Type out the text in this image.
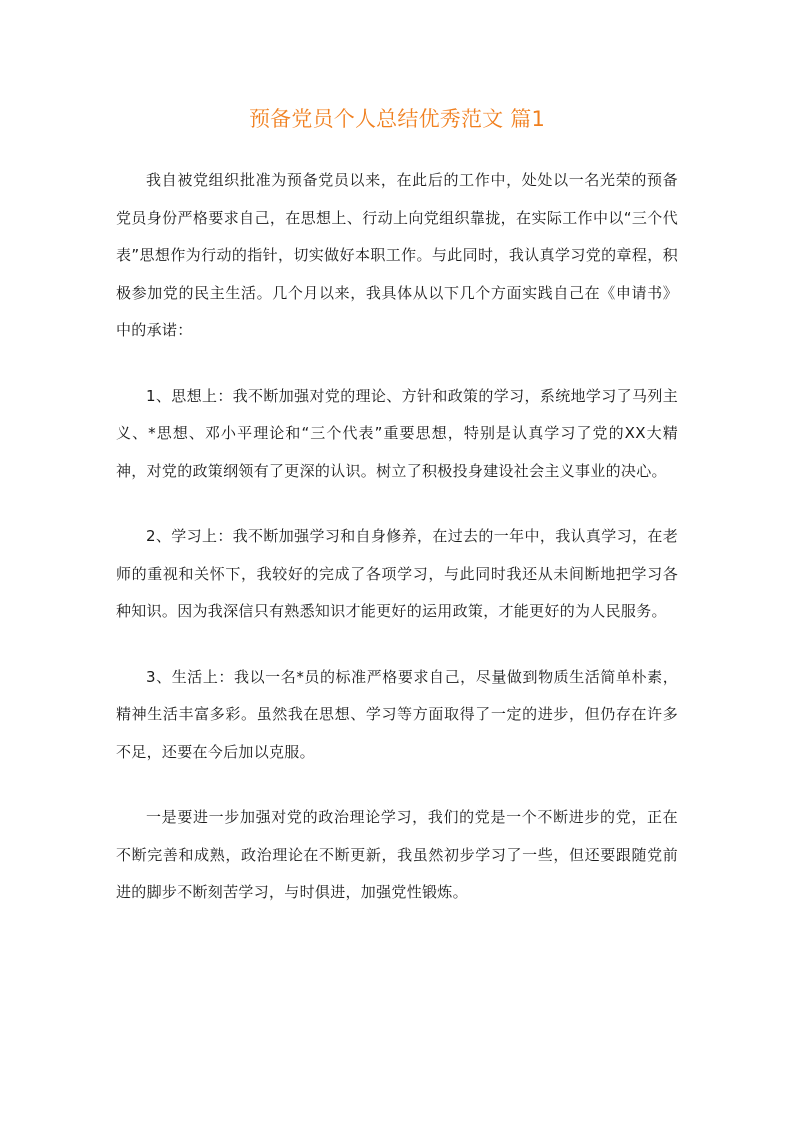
预备党员个人总结优秀范文 篇1

我自被党组织批准为预备党员以来，在此后的工作中，处处以一名光荣的预备党员身份严格要求自己，在思想上、行动上向党组织靠拢，在实际工作中以“三个代表”思想作为行动的指针，切实做好本职工作。与此同时，我认真学习党的章程，积极参加党的民主生活。几个月以来，我具体从以下几个方面实践自己在《申请书》中的承诺：

1、思想上：我不断加强对党的理论、方针和政策的学习，系统地学习了马列主义、*思想、邓小平理论和“三个代表”重要思想，特别是认真学习了党的XX大精神，对党的政策纲领有了更深的认识。树立了积极投身建设社会主义事业的决心。

2、学习上：我不断加强学习和自身修养，在过去的一年中，我认真学习，在老师的重视和关怀下，我较好的完成了各项学习，与此同时我还从未间断地把学习各种知识。因为我深信只有熟悉知识才能更好的运用政策，才能更好的为人民服务。

3、生活上：我以一名*员的标准严格要求自己，尽量做到物质生活简单朴素，精神生活丰富多彩。虽然我在思想、学习等方面取得了一定的进步，但仍存在许多不足，还要在今后加以克服。

一是要进一步加强对党的政治理论学习，我们的党是一个不断进步的党，正在不断完善和成熟，政治理论在不断更新，我虽然初步学习了一些，但还要跟随党前进的脚步不断刻苦学习，与时俱进，加强党性锻炼。
